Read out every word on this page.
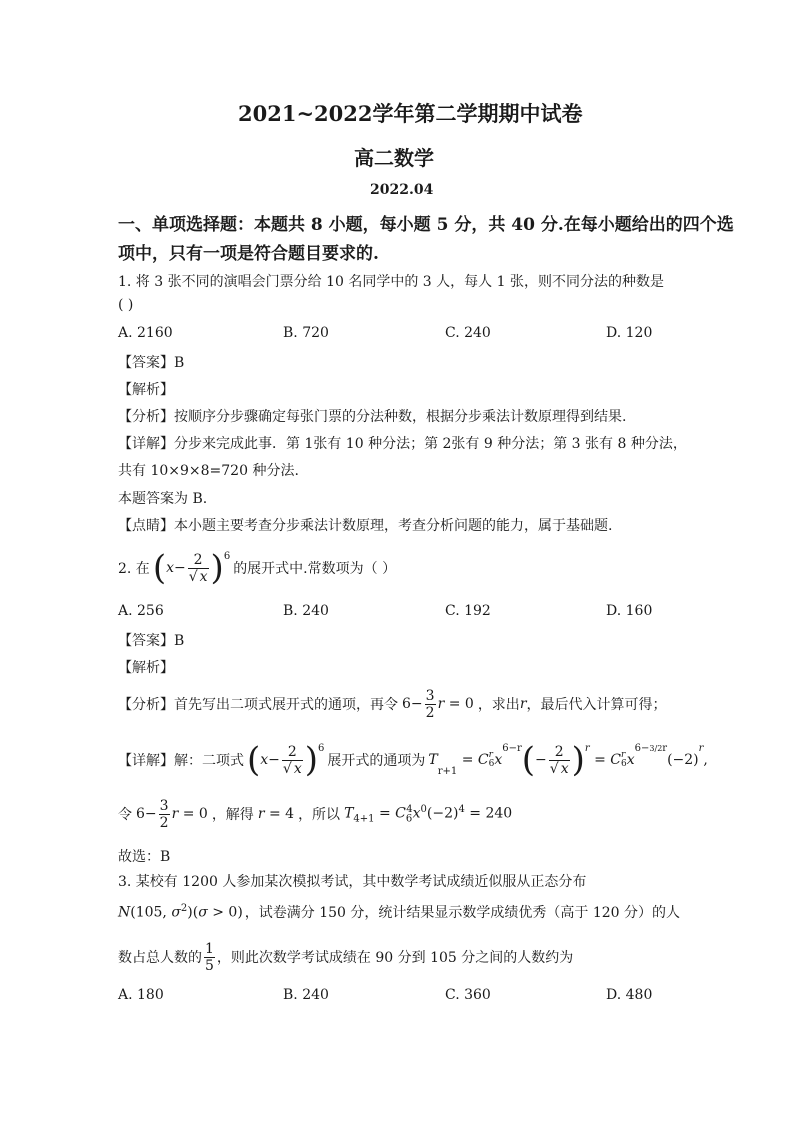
2021~2022学年第二学期期中试卷
高二数学
2022.04
一、单项选择题：本题共 8 小题，每小题 5 分，共 40 分.在每小题给出的四个选
项中，只有一项是符合题目要求的.
1. 将 3 张不同的演唱会门票分给 10 名同学中的 3 人，每人 1 张，则不同分法的种数是
( )
A. 2160	B. 720	C. 240	D. 120
【答案】B
【解析】
【分析】按顺序分步骤确定每张门票的分法种数，根据分步乘法计数原理得到结果.
【详解】分步来完成此事．第 1张有 10 种分法；第 2张有 9 种分法；第 3 张有 8 种分法，
共有 10×9×8=720 种分法.
本题答案为 B.
【点睛】本小题主要考查分步乘法计数原理，考查分析问题的能力，属于基础题.
2. 在 ( $x - \frac{2}{√ x} )^6$
的展开式中.常数项为（ ）
A. 256	B. 240	C. 192	D. 160
【答案】B
【解析】
【分析】首先写出二项式展开式的通项，再令 $6- \frac{3}{2}$ r = 0 ，求出 r ，最后代入计算可得；
【详解】解：二项式 ( $x - \frac{2}{√ x} )^6$
展开式的通项为 T
$_{r+1}$
= C r
6 x
$^{6-r}$ ( − $\frac{2}{√ x} )^r$
= C r
6 x
$^{6-3/2r}$
(−2)
$^r$
,
令 $6- \frac{3}{2}$ r = 0 ，解得 r = 4 ，所以 $T_{4+1} = C_6^4x^0(-2)^4 = 240$
故选：B
3. 某校有 1200 人参加某次模拟考试，其中数学考试成绩近似服从正态分布
N(105, $\sigma^2)(\sigma > 0)$ ，试卷满分 150 分，统计结果显示数学成绩优秀（高于 120 分）的人
数占总人数的 $\frac{1}{5}$ ，则此次数学考试成绩在 90 分到 105 分之间的人数约为
A. 180	B. 240	C. 360	D. 480
